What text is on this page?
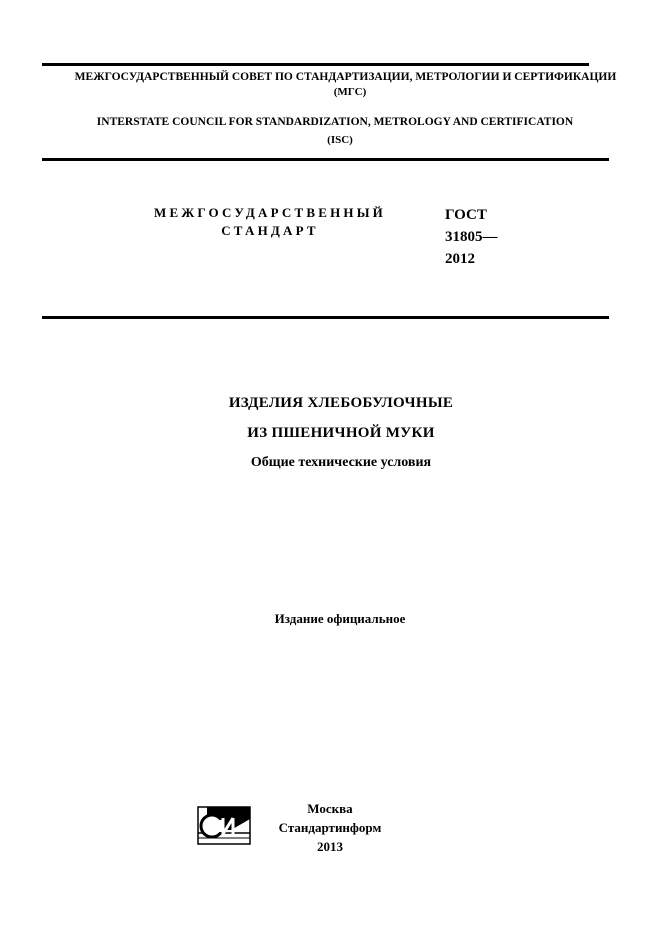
МЕЖГОСУДАРСТВЕННЫЙ СОВЕТ ПО СТАНДАРТИЗАЦИИ, МЕТРОЛОГИИ И СЕРТИФИКАЦИИ
(МГС)
INTERSTATE COUNCIL FOR STANDARDIZATION, METROLOGY AND CERTIFICATION
(ISC)
МЕЖГОСУДАРСТВЕННЫЙ
СТАНДАРТ
ГОСТ
31805—
2012
ИЗДЕЛИЯ ХЛЕБОБУЛОЧНЫЕ
ИЗ ПШЕНИЧНОЙ МУКИ
Общие технические условия
Издание официальное
Москва
Стандартинформ
2013
